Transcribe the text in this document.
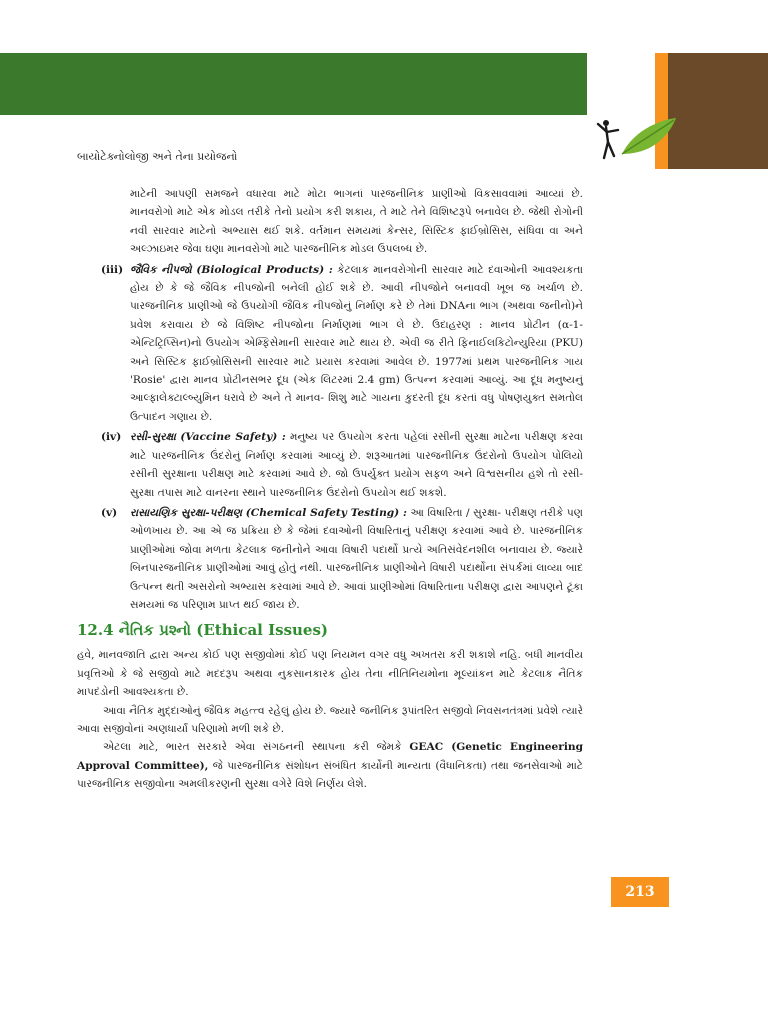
બાયોટેક્નોલોજી અને તેના પ્રયોજનો
213

માટેની આપણી સમજને વધારવા માટે મોટા ભાગનાં પારજનીનિક પ્રાણીઓ વિકસાવવામાં આવ્યાં છે. માનવરોગો માટે એક મોડલ તરીકે તેનો પ્રયોગ કરી શકાય, તે માટે તેને વિશિષ્ટરૂપે બનાવેલ છે. જેથી રોગોની નવી સારવાર માટેનો અભ્યાસ થઈ શકે. વર્તમાન સમયમાં કેન્સર, સિસ્ટિક ફાઈબ્રોસિસ, સંધિવા વા અને અલ્ઝાઇમર જેવા ઘણા માનવરોગો માટે પારજનીનિક મોડલ ઉપલબ્ધ છે.

(iii) જૈવિક નીપજો (Biological Products) : કેટલાક માનવરોગોની સારવાર માટે દવાઓની આવશ્યકતા હોય છે કે જે જૈવિક નીપજોની બનેલી હોઈ શકે છે. આવી નીપજોને બનાવવી ખૂબ જ ખર્ચાળ છે. પારજનીનિક પ્રાણીઓ જે ઉપયોગી જૈવિક નીપજોનું નિર્માણ કરે છે તેમાં DNAના ભાગ (અથવા જનીનો)ને પ્રવેશ કરાવાય છે જે વિશિષ્ટ નીપજોના નિર્માણમાં ભાગ લે છે. ઉદાહરણ : માનવ પ્રોટીન (α-1-એન્ટિટ્રિપ્સિન)નો ઉપયોગ એમ્ફિસેમાની સારવાર માટે થાય છે. એવી જ રીતે ફિનાઈલકિટોન્યુરિયા (PKU) અને સિસ્ટિક ફાઈબ્રોસિસની સારવાર માટે પ્રયાસ કરવામાં આવેલ છે. 1977માં પ્રથમ પારજનીનિક ગાય 'Rosie' દ્વારા માનવ પ્રોટીનસભર દૂધ (એક લિટરમાં 2.4 gm) ઉત્પન્ન કરવામાં આવ્યું. આ દૂધ મનુષ્યનું આલ્ફાલેક્ટાલ્બ્યુમિન ધરાવે છે અને તે માનવ- શિશુ માટે ગાયના કુદરતી દૂધ કરતાં વધુ પોષણયુક્ત સમતોલ ઉત્પાદન ગણાય છે.
(iv) રસી-સુરક્ષા (Vaccine Safety) : મનુષ્ય પર ઉપયોગ કરતા પહેલાં રસીની સુરક્ષા માટેના પરીક્ષણ કરવા માટે પારજનીનિક ઉંદરોનું નિર્માણ કરવામાં આવ્યું છે. શરૂઆતમાં પારજનીનિક ઉંદરોનો ઉપયોગ પોલિયો રસીની સુરક્ષાના પરીક્ષણ માટે કરવામાં આવે છે. જો ઉપર્યુક્ત પ્રયોગ સફળ અને વિશ્વસનીય હશે તો રસી-સુરક્ષા તપાસ માટે વાનરના સ્થાને પારજનીનિક ઉંદરોનો ઉપયોગ થઈ શકશે.
(v) રાસાયણિક સુરક્ષા-પરીક્ષણ (Chemical Safety Testing) : આ વિષારિતા / સુરક્ષા- પરીક્ષણ તરીકે પણ ઓળખાય છે. આ એ જ પ્રક્રિયા છે કે જેમાં દવાઓની વિષારિતાનું પરીક્ષણ કરવામાં આવે છે. પારજનીનિક પ્રાણીઓમાં જોવા મળતા કેટલાક જનીનોને આવા વિષારી પદાર્થો પ્રત્યે અતિસંવેદનશીલ બનાવાય છે. જ્યારે બિનપારજનીનિક પ્રાણીઓમાં આવું હોતું નથી. પારજનીનિક પ્રાણીઓને વિષારી પદાર્થોના સંપર્કમાં લાવ્યા બાદ ઉત્પન્ન થતી અસરોનો અભ્યાસ કરવામાં આવે છે. આવાં પ્રાણીઓમાં વિષારિતાના પરીક્ષણ દ્વારા આપણને ટૂંકા સમયમાં જ પરિણામ પ્રાપ્ત થઈ જાય છે.
12.4 નૈતિક પ્રશ્નો (Ethical Issues)

હવે, માનવજાતિ દ્વારા અન્ય કોઈ પણ સજીવોમાં કોઈ પણ નિયમન વગર વધુ અખતરા કરી શકાશે નહિ. બધી માનવીય પ્રવૃત્તિઓ કે જે સજીવો માટે મદદરૂપ અથવા નુકસાનકારક હોય તેના નીતિનિયમોના મૂલ્યાંકન માટે કેટલાક નૈતિક માપદંડોની આવશ્યકતા છે.

આવા નૈતિક મુદ્દાઓનું જૈવિક મહત્ત્વ રહેલું હોય છે. જ્યારે જનીનિક રૂપાંતરિત સજીવો નિવસનતંત્રમાં પ્રવેશે ત્યારે આવા સજીવોનાં અણધાર્યાં પરિણામો મળી શકે છે.

એટલા માટે, ભારત સરકારે એવા સંગઠનની સ્થાપના કરી જેમકે GEAC (Genetic Engineering Approval Committee), જે પારજનીનિક સંશોધન સંબંધિત કાર્યોની માન્યતા (વૈધાનિકતા) તથા જનસેવાઓ માટે પારજનીનિક સજીવોના અમલીકરણની સુરક્ષા વગેરે વિશે નિર્ણય લેશે.
